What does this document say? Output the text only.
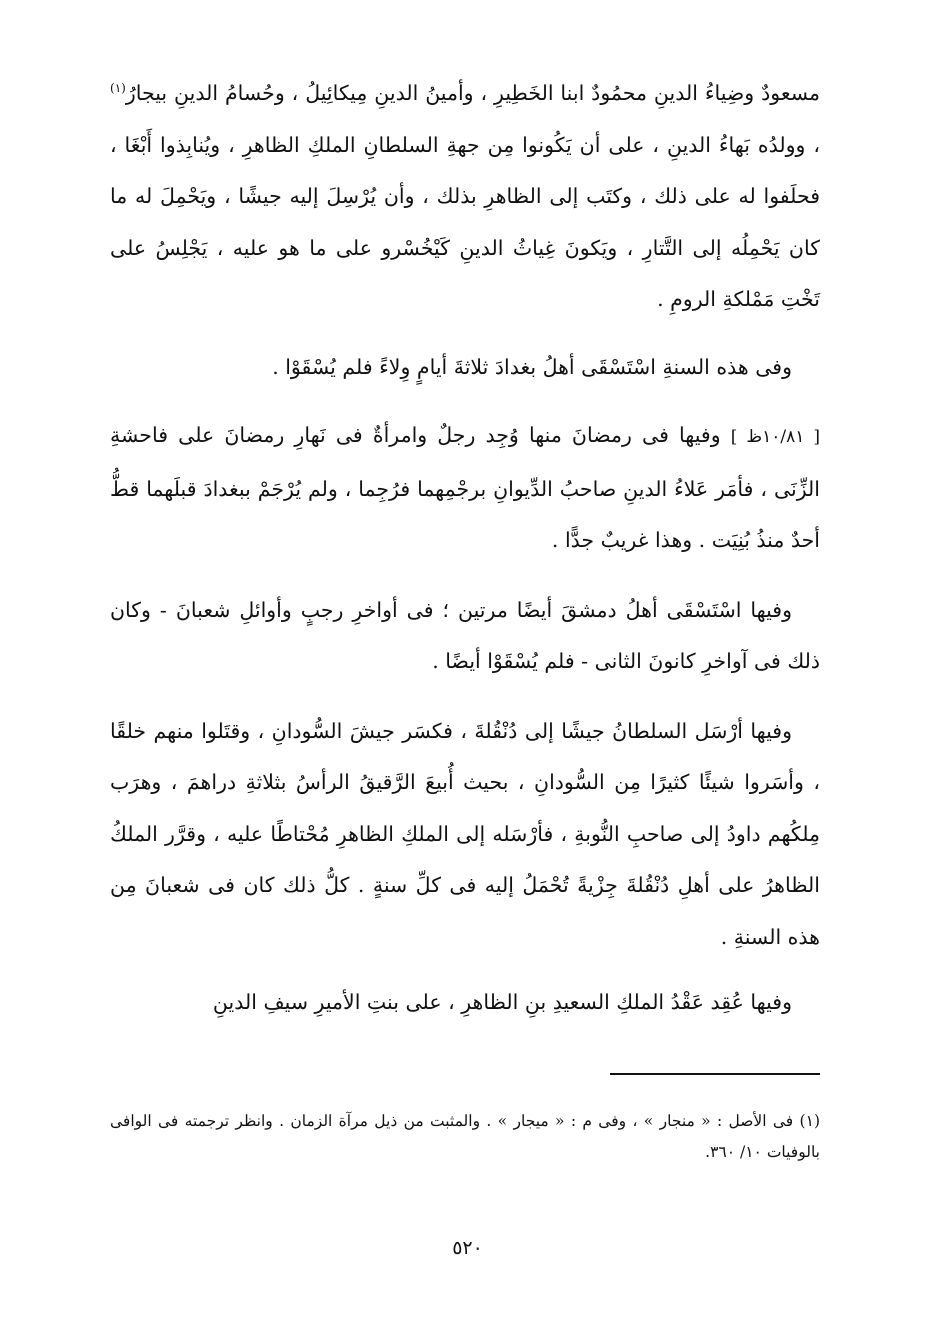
مسعودٌ وضِياءُ الدينِ محمُودٌ ابنا الخَطِيرِ ، وأمينُ الدينِ مِيكائِيلُ ، وحُسامُ الدينِ بيجارُ$^{(١)}$ ، وولدُه بَهاءُ الدينِ ، على أن يَكُونوا مِن جهةِ السلطانِ الملكِ الظاهرِ ، ويُنابِذوا أَبْغَا ، فحلَفوا له على ذلك ، وكتَب إلى الظاهرِ بذلك ، وأن يُرْسِلَ إليه جيشًا ، ويَحْمِلَ له ما كان يَحْمِلُه إلى التَّتارِ ، ويَكونَ غِياثُ الدينِ كَيْخُسْرو على ما هو عليه ، يَجْلِسُ على تَخْتِ مَمْلكةِ الرومِ .

وفى هذه السنةِ اسْتَسْقَى أهلُ بغدادَ ثلاثةَ أيامٍ وِلاءً فلم يُسْقَوْا .

[ ١٠/٨١ظ ] وفيها فى رمضانَ منها وُجِد رجلٌ وامرأةٌ فى نَهارِ رمضانَ على فاحشةِ الزِّنَى ، فأمَر عَلاءُ الدينِ صاحبُ الدِّيوانِ برجْمِهما فرُجِما ، ولم يُرْجَمْ ببغدادَ قبلَهما قطُّ أحدٌ منذُ بُنِيَت . وهذا غريبٌ جدًّا .

وفيها اسْتَسْقَى أهلُ دمشقَ أيضًا مرتين ؛ فى أواخرِ رجبٍ وأوائلِ شعبانَ - وكان ذلك فى آواخرِ كانونَ الثانى - فلم يُسْقَوْا أيضًا .

وفيها أرْسَل السلطانُ جيشًا إلى دُنْقُلةَ ، فكسَر جيشَ السُّودانِ ، وقتَلوا منهم خلقًا ، وأسَروا شيئًا كثيرًا مِن السُّودانِ ، بحيث أُبيعَ الرَّقيقُ الرأسُ بثلاثةِ دراهمَ ، وهرَب مِلكُهم داودُ إلى صاحبِ النُّوبةِ ، فأرْسَله إلى الملكِ الظاهرِ مُحْتاطًا عليه ، وقرَّر الملكُ الظاهرُ على أهلِ دُنْقُلةَ جِزْيةً تُحْمَلُ إليه فى كلِّ سنةٍ . كلُّ ذلك كان فى شعبانَ مِن هذه السنةِ .

وفيها عُقِد عَقْدُ الملكِ السعيدِ بنِ الظاهرِ ، على بنتِ الأميرِ سيفِ الدينِ

(١) فى الأصل : « منجار » ، وفى م : « ميجار » . والمثبت من ذيل مرآة الزمان . وانظر ترجمته فى الوافى بالوفيات ١٠/ ٣٦٠.
٥٢٠
